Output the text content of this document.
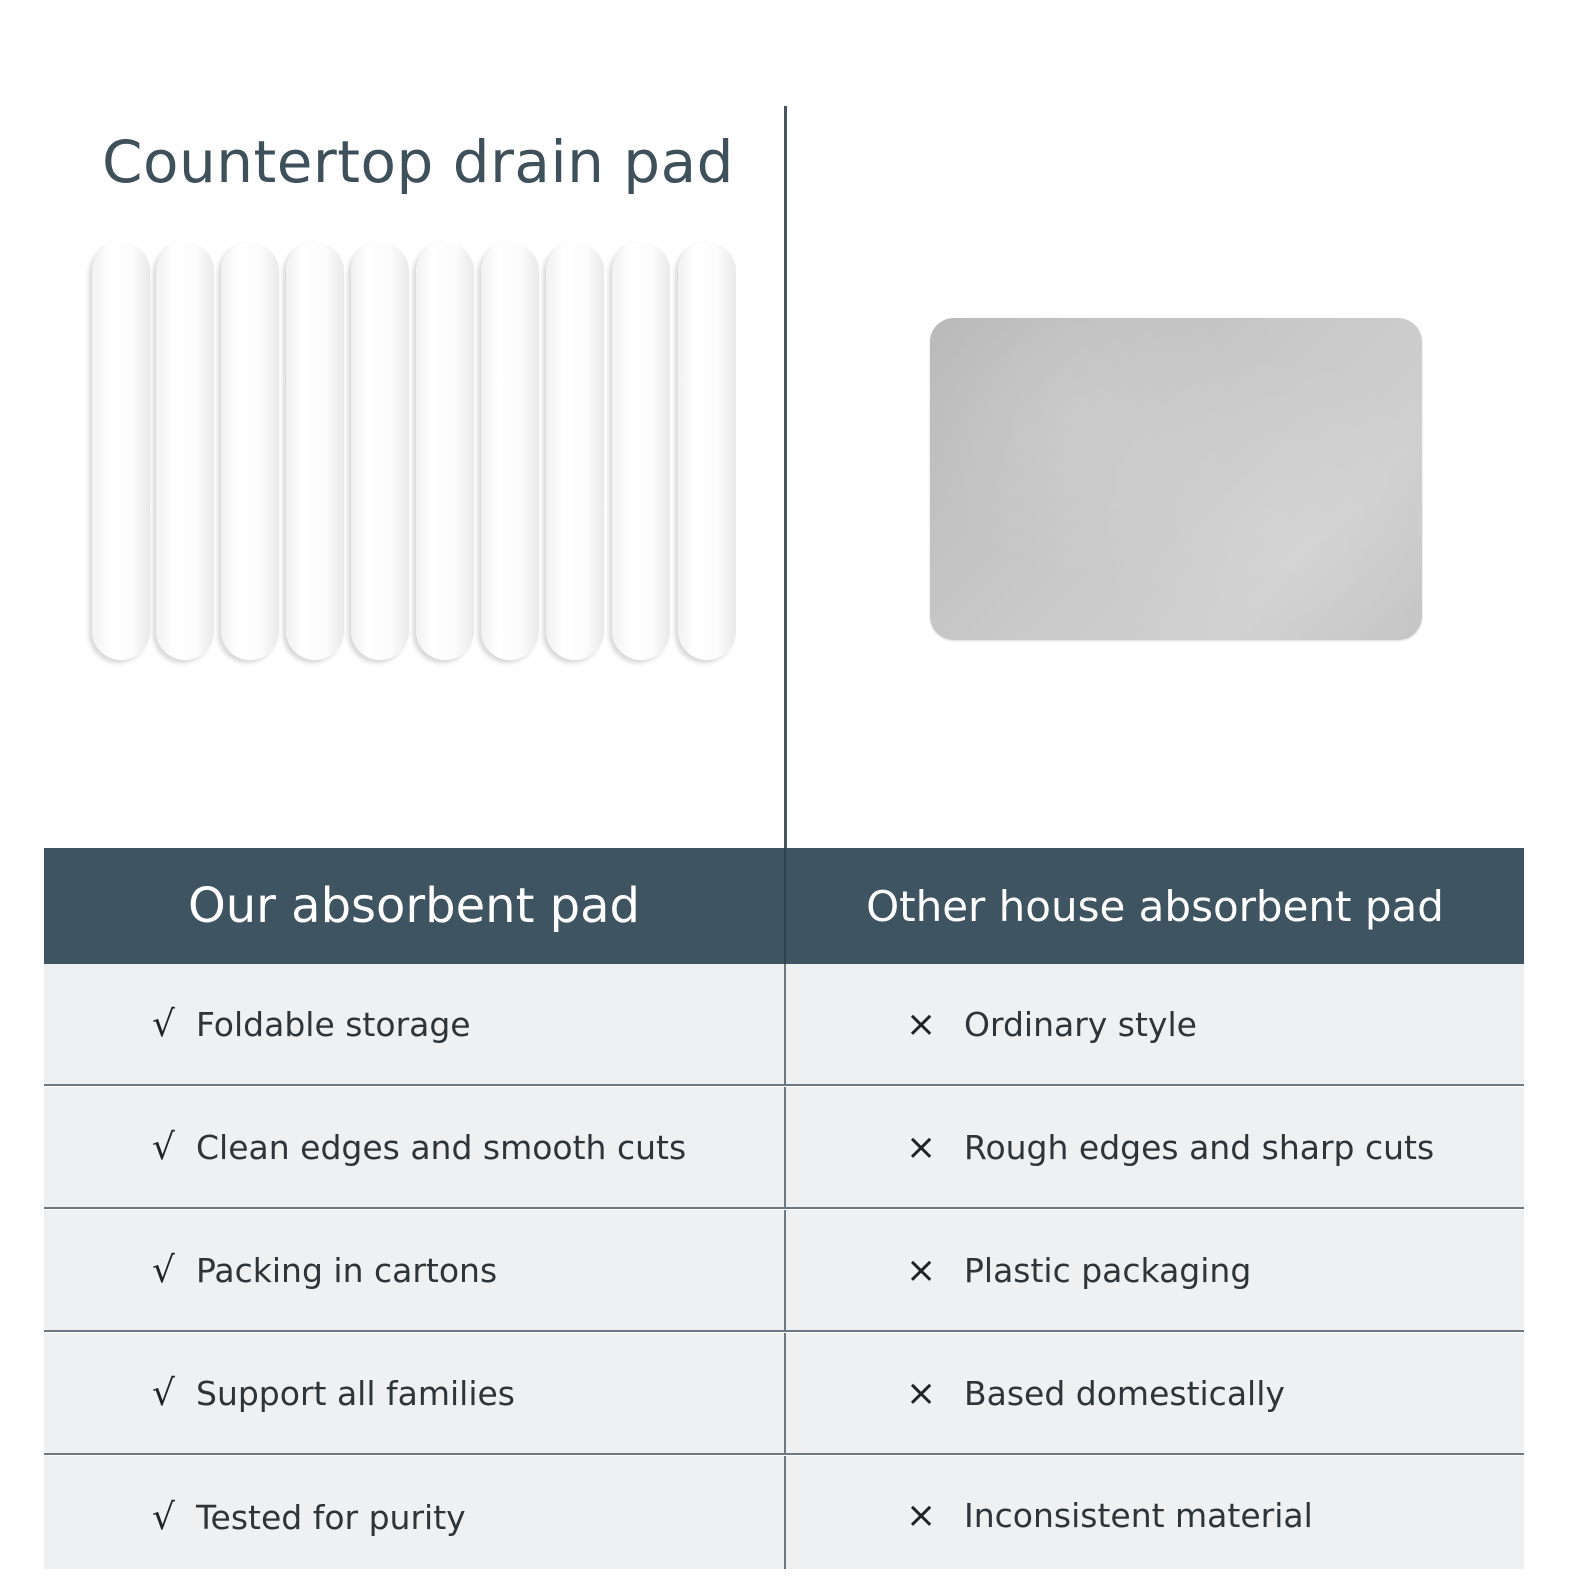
Countertop drain pad
Our absorbent pad	Other house absorbent pad
√ Foldable storage	× Ordinary style
√ Clean edges and smooth cuts	× Rough edges and sharp cuts
√ Packing in cartons	× Plastic packaging
√ Support all families	× Based domestically
√ Tested for purity	× Inconsistent material
